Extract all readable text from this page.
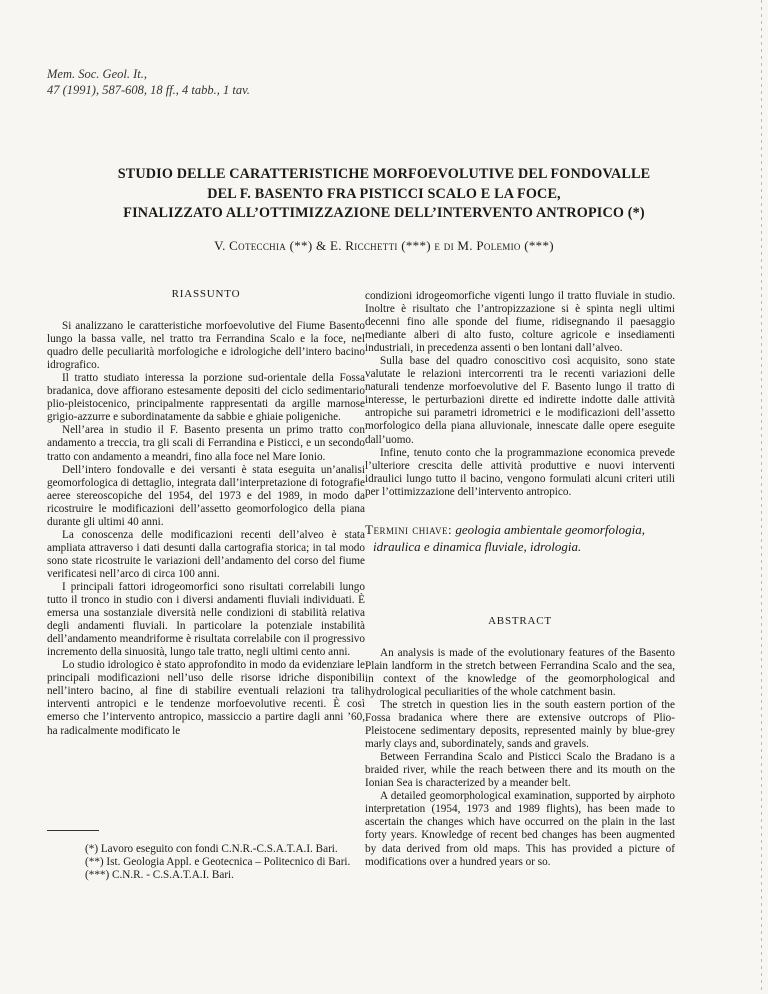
Mem. Soc. Geol. It.,
47 (1991), 587-608, 18 ff., 4 tabb., 1 tav.
STUDIO DELLE CARATTERISTICHE MORFOEVOLUTIVE DEL FONDOVALLE
DEL F. BASENTO FRA PISTICCI SCALO E LA FOCE,
FINALIZZATO ALL’OTTIMIZZAZIONE DELL’INTERVENTO ANTROPICO (*)
V. Cotecchia (**) & E. Ricchetti (***) e di M. Polemio (***)
RIASSUNTO

Si analizzano le caratteristiche morfoevolutive del Fiume Basento lungo la bassa valle, nel tratto tra Ferrandina Scalo e la foce, nel quadro delle peculiarità morfologiche e idrologiche dell’intero bacino idrografico.

Il tratto studiato interessa la porzione sud-orientale della Fossa bradanica, dove affiorano estesamente depositi del ciclo sedimentario plio-pleistocenico, principalmente rappresentati da argille marnose grigio-azzurre e subordinatamente da sabbie e ghiaie poligeniche.

Nell’area in studio il F. Basento presenta un primo tratto con andamento a treccia, tra gli scali di Ferrandina e Pisticci, e un secondo tratto con andamento a meandri, fino alla foce nel Mare Ionio.

Dell’intero fondovalle e dei versanti è stata eseguita un’analisi geomorfologica di dettaglio, integrata dall’interpretazione di fotografie aeree stereoscopiche del 1954, del 1973 e del 1989, in modo da ricostruire le modificazioni dell’assetto geomorfologico della piana durante gli ultimi 40 anni.

La conoscenza delle modificazioni recenti dell’alveo è stata ampliata attraverso i dati desunti dalla cartografia storica; in tal modo sono state ricostruite le variazioni dell’andamento del corso del fiume verificatesi nell’arco di circa 100 anni.

I principali fattori idrogeomorfici sono risultati correlabili lungo tutto il tronco in studio con i diversi andamenti fluviali individuati. È emersa una sostanziale diversità nelle condizioni di stabilità relativa degli andamenti fluviali. In particolare la potenziale instabilità dell’andamento meandriforme è risultata correlabile con il progressivo incremento della sinuosità, lungo tale tratto, negli ultimi cento anni.

Lo studio idrologico è stato approfondito in modo da evidenziare le principali modificazioni nell’uso delle risorse idriche disponibili nell’intero bacino, al fine di stabilire eventuali relazioni tra tali interventi antropici e le tendenze morfoevolutive recenti. È così emerso che l’intervento antropico, massiccio a partire dagli anni ’60, ha radicalmente modificato le

(*) Lavoro eseguito con fondi C.N.R.-C.S.A.T.A.I. Bari.

(**) Ist. Geologia Appl. e Geotecnica – Politecnico di Bari.

(***) C.N.R. - C.S.A.T.A.I. Bari.

condizioni idrogeomorfiche vigenti lungo il tratto fluviale in studio. Inoltre è risultato che l’antropizzazione si è spinta negli ultimi decenni fino alle sponde del fiume, ridisegnando il paesaggio mediante alberi di alto fusto, colture agricole e insediamenti industriali, in precedenza assenti o ben lontani dall’alveo.

Sulla base del quadro conoscitivo così acquisito, sono state valutate le relazioni intercorrenti tra le recenti variazioni delle naturali tendenze morfoevolutive del F. Basento lungo il tratto di interesse, le perturbazioni dirette ed indirette indotte dalle attività antropiche sui parametri idrometrici e le modificazioni dell’assetto morfologico della piana alluvionale, innescate dalle opere eseguite dall’uomo.

Infine, tenuto conto che la programmazione economica prevede l’ulteriore crescita delle attività produttive e nuovi interventi idraulici lungo tutto il bacino, vengono formulati alcuni criteri utili per l’ottimizzazione dell’intervento antropico.

Termini chiave: geologia ambientale geomorfologia, idraulica e dinamica fluviale, idrologia.
ABSTRACT

An analysis is made of the evolutionary features of the Basento Plain landform in the stretch between Ferrandina Scalo and the sea, in context of the knowledge of the geomorphological and hydrological peculiarities of the whole catchment basin.

The stretch in question lies in the south eastern portion of the Fossa bradanica where there are extensive outcrops of Plio-Pleistocene sedimentary deposits, represented mainly by blue-grey marly clays and, subordinately, sands and gravels.

Between Ferrandina Scalo and Pisticci Scalo the Bradano is a braided river, while the reach between there and its mouth on the Ionian Sea is characterized by a meander belt.

A detailed geomorphological examination, supported by airphoto interpretation (1954, 1973 and 1989 flights), has been made to ascertain the changes which have occurred on the plain in the last forty years. Knowledge of recent bed changes has been augmented by data derived from old maps. This has provided a picture of modifications over a hundred years or so.
